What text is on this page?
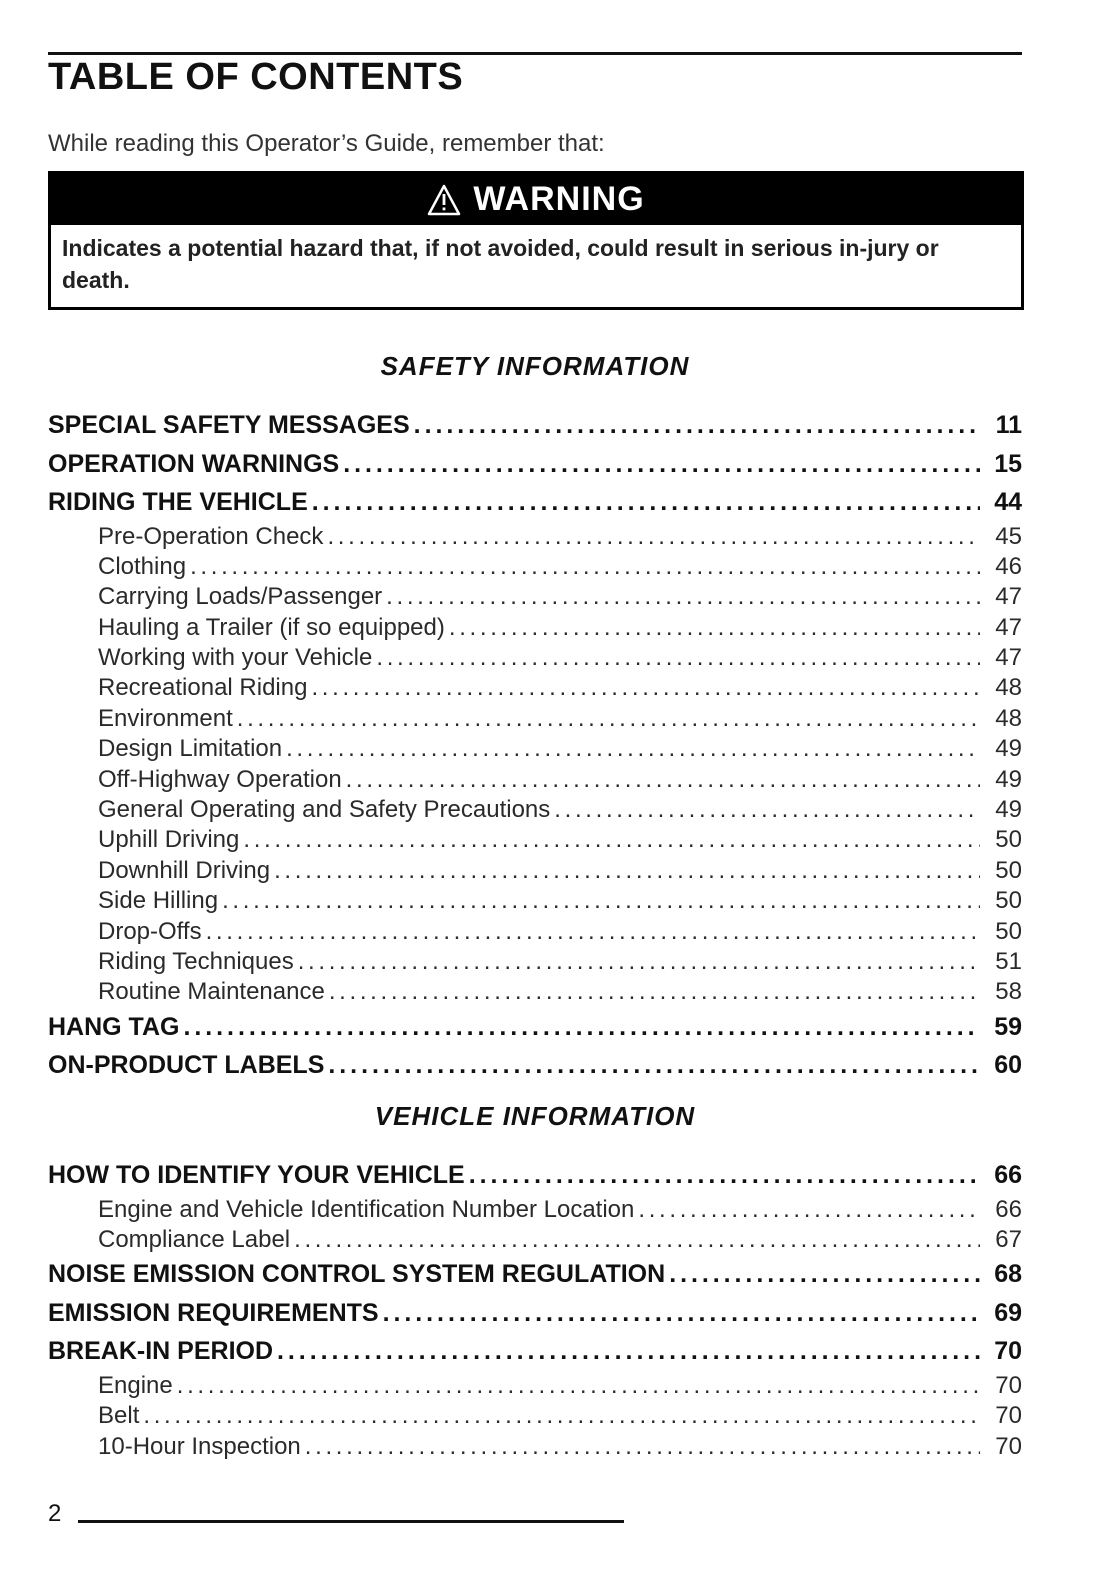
TABLE OF CONTENTS
While reading this Operator’s Guide, remember that:
WARNING
Indicates a potential hazard that, if not avoided, could result in serious in-jury or death.
SAFETY INFORMATION
SPECIAL SAFETY MESSAGES . . .	11
OPERATION WARNINGS . . .	15
RIDING THE VEHICLE . . .	44
Pre-Operation Check . . .	45
Clothing . . .	46
Carrying Loads/Passenger . . .	47
Hauling a Trailer (if so equipped) . . .	47
Working with your Vehicle . . .	47
Recreational Riding . . .	48
Environment . . .	48
Design Limitation . . .	49
Off-Highway Operation . . .	49
General Operating and Safety Precautions . . .	49
Uphill Driving . . .	50
Downhill Driving . . .	50
Side Hilling . . .	50
Drop-Offs . . .	50
Riding Techniques . . .	51
Routine Maintenance . . .	58
HANG TAG . . .	59
ON-PRODUCT LABELS . . .	60
VEHICLE INFORMATION
HOW TO IDENTIFY YOUR VEHICLE . . .	66
Engine and Vehicle Identification Number Location . . .	66
Compliance Label . . .	67
NOISE EMISSION CONTROL SYSTEM REGULATION . . .	68
EMISSION REQUIREMENTS . . .	69
BREAK-IN PERIOD . . .	70
Engine . . .	70
Belt . . .	70
10-Hour Inspection . . .	70
2
